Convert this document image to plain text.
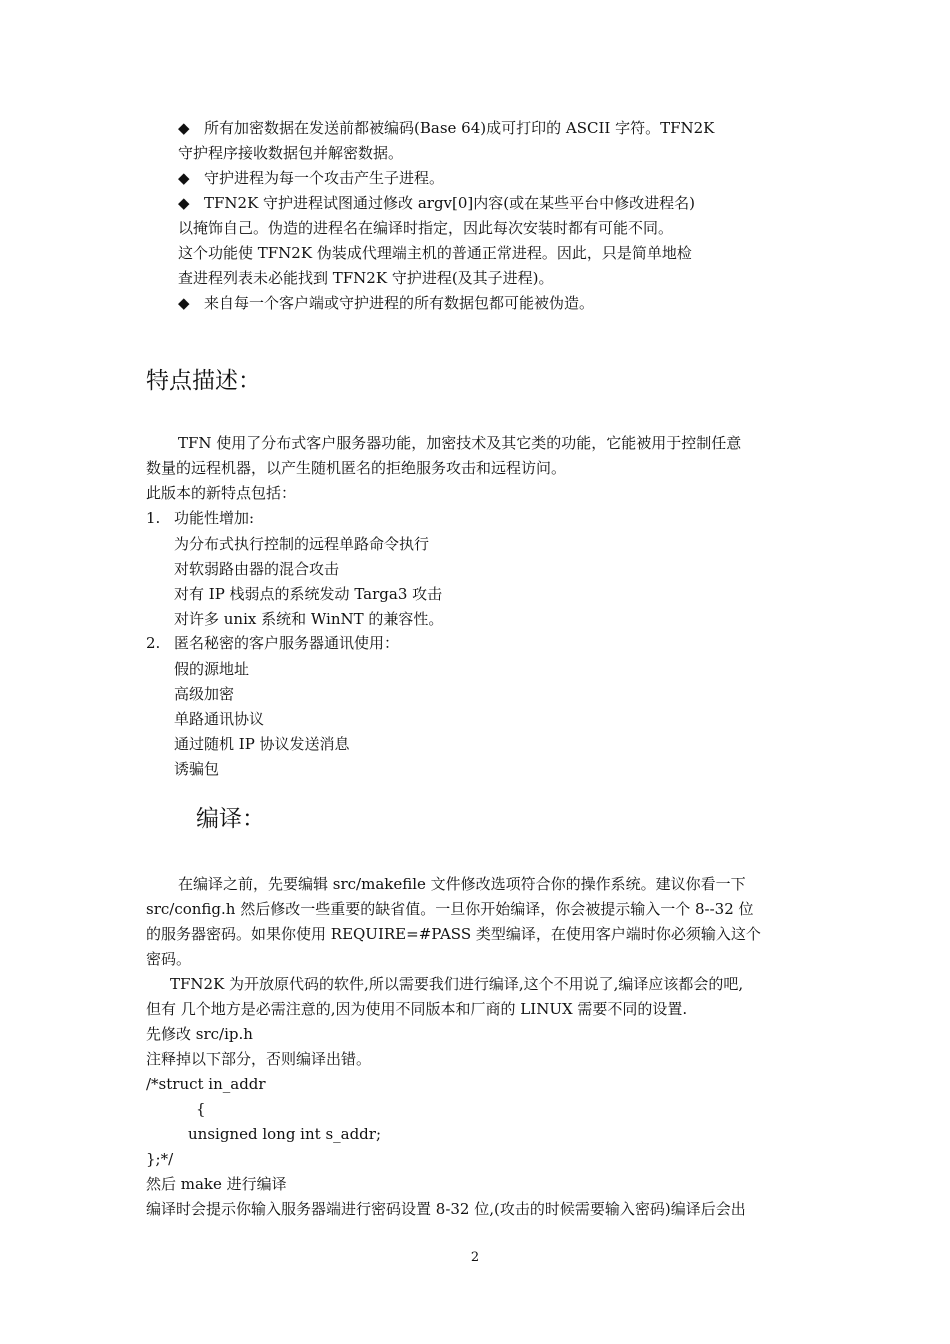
◆ 所有加密数据在发送前都被编码(Base 64)成可打印的 ASCII 字符。TFN2K
守护程序接收数据包并解密数据。
◆ 守护进程为每一个攻击产生子进程。
◆ TFN2K 守护进程试图通过修改 argv[0]内容(或在某些平台中修改进程名)
以掩饰自己。伪造的进程名在编译时指定，因此每次安装时都有可能不同。
这个功能使 TFN2K 伪装成代理端主机的普通正常进程。因此，只是简单地检
查进程列表未必能找到 TFN2K 守护进程(及其子进程)。
◆ 来自每一个客户端或守护进程的所有数据包都可能被伪造。
特点描述：
TFN 使用了分布式客户服务器功能，加密技术及其它类的功能，它能被用于控制任意
数量的远程机器，以产生随机匿名的拒绝服务攻击和远程访问。
此版本的新特点包括：
1. 功能性增加:
为分布式执行控制的远程单路命令执行
对软弱路由器的混合攻击
对有 IP 栈弱点的系统发动 Targa3 攻击
对许多 unix 系统和 WinNT 的兼容性。
2. 匿名秘密的客户服务器通讯使用：
假的源地址
高级加密
单路通讯协议
通过随机 IP 协议发送消息
诱骗包
编译：
在编译之前，先要编辑 src/makefile 文件修改选项符合你的操作系统。建议你看一下
src/config.h 然后修改一些重要的缺省值。一旦你开始编译，你会被提示输入一个 8--32 位
的服务器密码。如果你使用 REQUIRE=#PASS 类型编译，在使用客户端时你必须输入这个
密码。
TFN2K 为开放原代码的软件,所以需要我们进行编译,这个不用说了,编译应该都会的吧,
但有 几个地方是必需注意的,因为使用不同版本和厂商的 LINUX 需要不同的设置.
先修改 src/ip.h
注释掉以下部分，否则编译出错。
/*struct in_addr
{
unsigned long int s_addr;
};*/
然后 make 进行编译
编译时会提示你输入服务器端进行密码设置 8-32 位,(攻击的时候需要输入密码)编译后会出
2
